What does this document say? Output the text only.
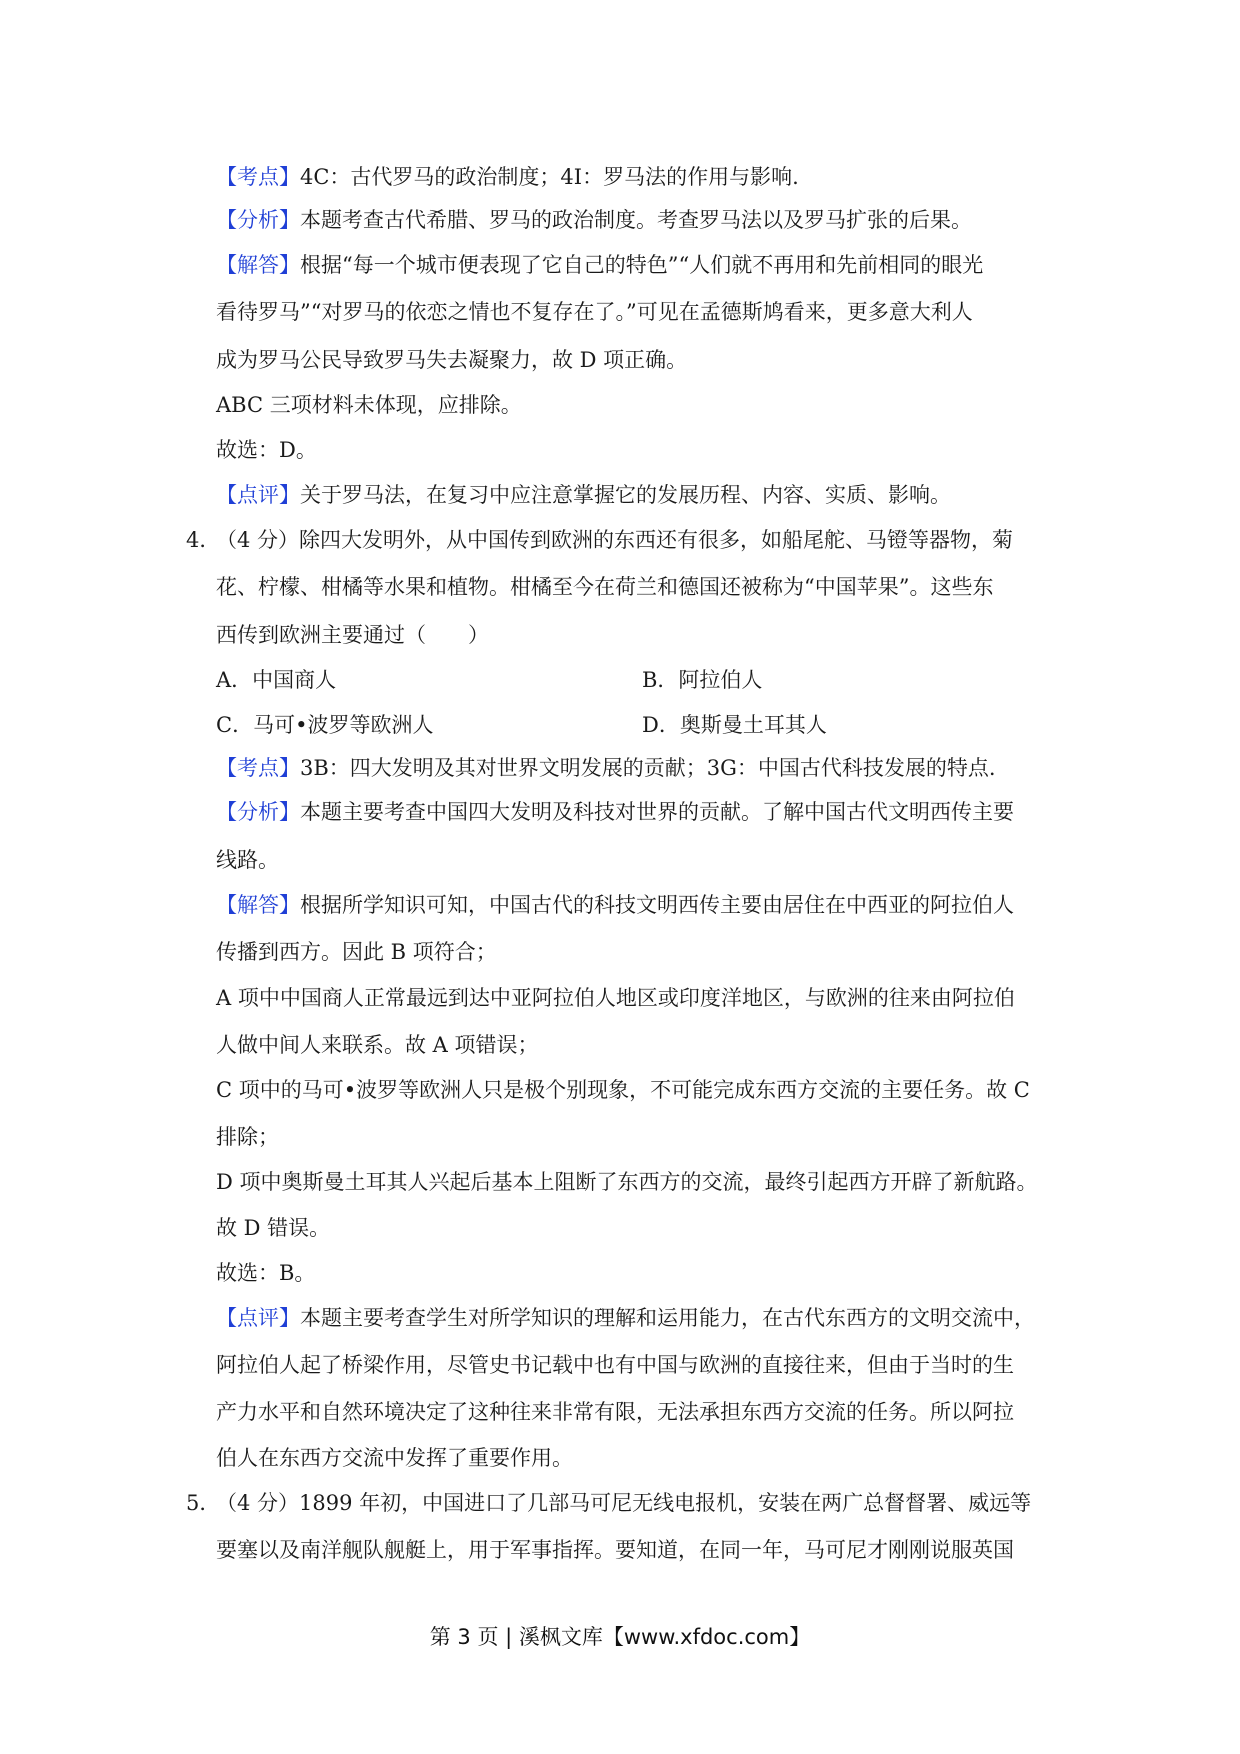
【考点】4C：古代罗马的政治制度；4I：罗马法的作用与影响.
【分析】本题考查古代希腊、罗马的政治制度。考查罗马法以及罗马扩张的后果。
【解答】根据“每一个城市便表现了它自己的特色”“人们就不再用和先前相同的眼光
看待罗马”“对罗马的依恋之情也不复存在了。”可见在孟德斯鸠看来，更多意大利人
成为罗马公民导致罗马失去凝聚力，故 D 项正确。
ABC 三项材料未体现，应排除。
故选：D。
【点评】关于罗马法，在复习中应注意掌握它的发展历程、内容、实质、影响。
4．
（4 分）除四大发明外，从中国传到欧洲的东西还有很多，如船尾舵、马镫等器物，菊
花、柠檬、柑橘等水果和植物。柑橘至今在荷兰和德国还被称为“中国苹果”。这些东
西传到欧洲主要通过（　　）
A．中国商人	B．阿拉伯人
C．马可•波罗等欧洲人	D．奥斯曼土耳其人
【考点】3B：四大发明及其对世界文明发展的贡献；3G：中国古代科技发展的特点.
【分析】本题主要考查中国四大发明及科技对世界的贡献。了解中国古代文明西传主要
线路。
【解答】根据所学知识可知，中国古代的科技文明西传主要由居住在中西亚的阿拉伯人
传播到西方。因此 B 项符合；
A 项中中国商人正常最远到达中亚阿拉伯人地区或印度洋地区，与欧洲的往来由阿拉伯
人做中间人来联系。故 A 项错误；
C 项中的马可•波罗等欧洲人只是极个别现象，不可能完成东西方交流的主要任务。故 C
排除；
D 项中奥斯曼土耳其人兴起后基本上阻断了东西方的交流，最终引起西方开辟了新航路。
故 D 错误。
故选：B。
【点评】本题主要考查学生对所学知识的理解和运用能力，在古代东西方的文明交流中，
阿拉伯人起了桥梁作用，尽管史书记载中也有中国与欧洲的直接往来，但由于当时的生
产力水平和自然环境决定了这种往来非常有限，无法承担东西方交流的任务。所以阿拉
伯人在东西方交流中发挥了重要作用。
5．
（4 分）1899 年初，中国进口了几部马可尼无线电报机，安装在两广总督督署、威远等
要塞以及南洋舰队舰艇上，用于军事指挥。要知道，在同一年，马可尼才刚刚说服英国
第 3 页 | 溪枫文库【www.xfdoc.com】
